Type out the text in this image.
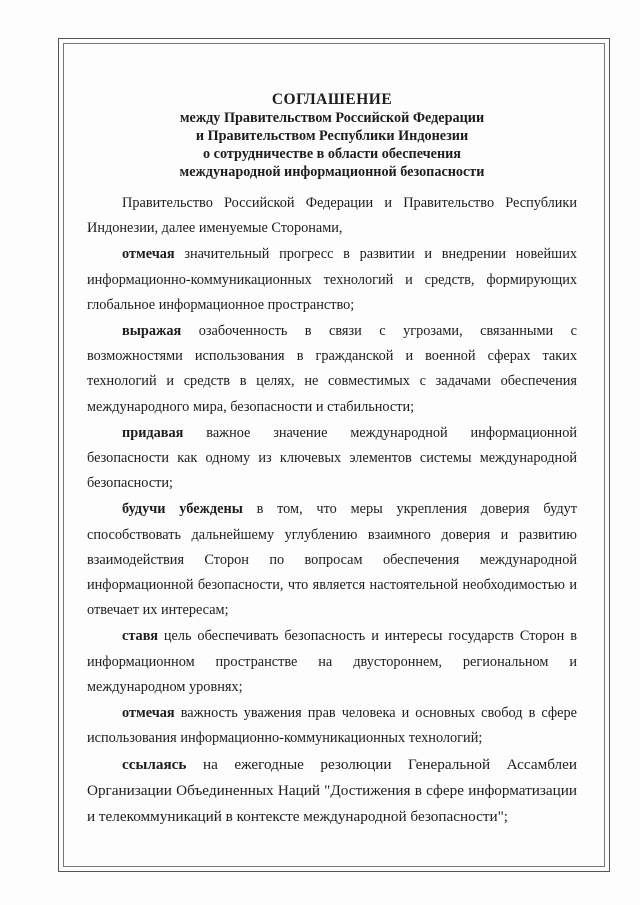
СОГЛАШЕНИЕ
между Правительством Российской Федерации
и Правительством Республики Индонезии
о сотрудничестве в области обеспечения
международной информационной безопасности

Правительство Российской Федерации и Правительство Республики Индонезии, далее именуемые Сторонами,

отмечая значительный прогресс в развитии и внедрении новейших информационно-коммуникационных технологий и средств, формирующих глобальное информационное пространство;

выражая озабоченность в связи с угрозами, связанными с возможностями использования в гражданской и военной сферах таких технологий и средств в целях, не совместимых с задачами обеспечения международного мира, безопасности и стабильности;

придавая важное значение международной информационной безопасности как одному из ключевых элементов системы международной безопасности;

будучи убеждены в том, что меры укрепления доверия будут способствовать дальнейшему углублению взаимного доверия и развитию взаимодействия Сторон по вопросам обеспечения международной информационной безопасности, что является настоятельной необходимостью и отвечает их интересам;

ставя цель обеспечивать безопасность и интересы государств Сторон в информационном пространстве на двустороннем, региональном и международном уровнях;

отмечая важность уважения прав человека и основных свобод в сфере использования информационно-коммуникационных технологий;

ссылаясь на ежегодные резолюции Генеральной Ассамблеи Организации Объединенных Наций "Достижения в сфере информатизации и телекоммуникаций в контексте международной безопасности";
